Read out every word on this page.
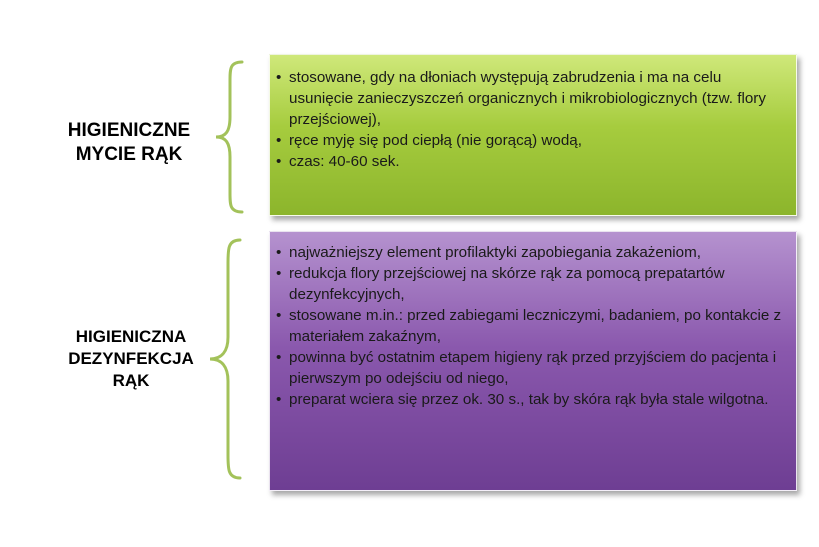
HIGIENICZNE
MYCIE RĄK
• stosowane, gdy na dłoniach występują zabrudzenia i ma na celu usunięcie zanieczyszczeń organicznych i mikrobiologicznych (tzw. flory przejściowej),
• ręce myję się pod ciepłą (nie gorącą) wodą,
• czas: 40-60 sek.
HIGIENICZNA
DEZYNFEKCJA
RĄK
• najważniejszy element profilaktyki zapobiegania zakażeniom,
• redukcja flory przejściowej na skórze rąk za pomocą prepatartów dezynfekcyjnych,
• stosowane m.in.: przed zabiegami leczniczymi, badaniem, po kontakcie z materiałem zakaźnym,
• powinna być ostatnim etapem higieny rąk przed przyjściem do pacjenta i pierwszym po odejściu od niego,
• preparat wciera się przez ok. 30 s., tak by skóra rąk była stale wilgotna.
